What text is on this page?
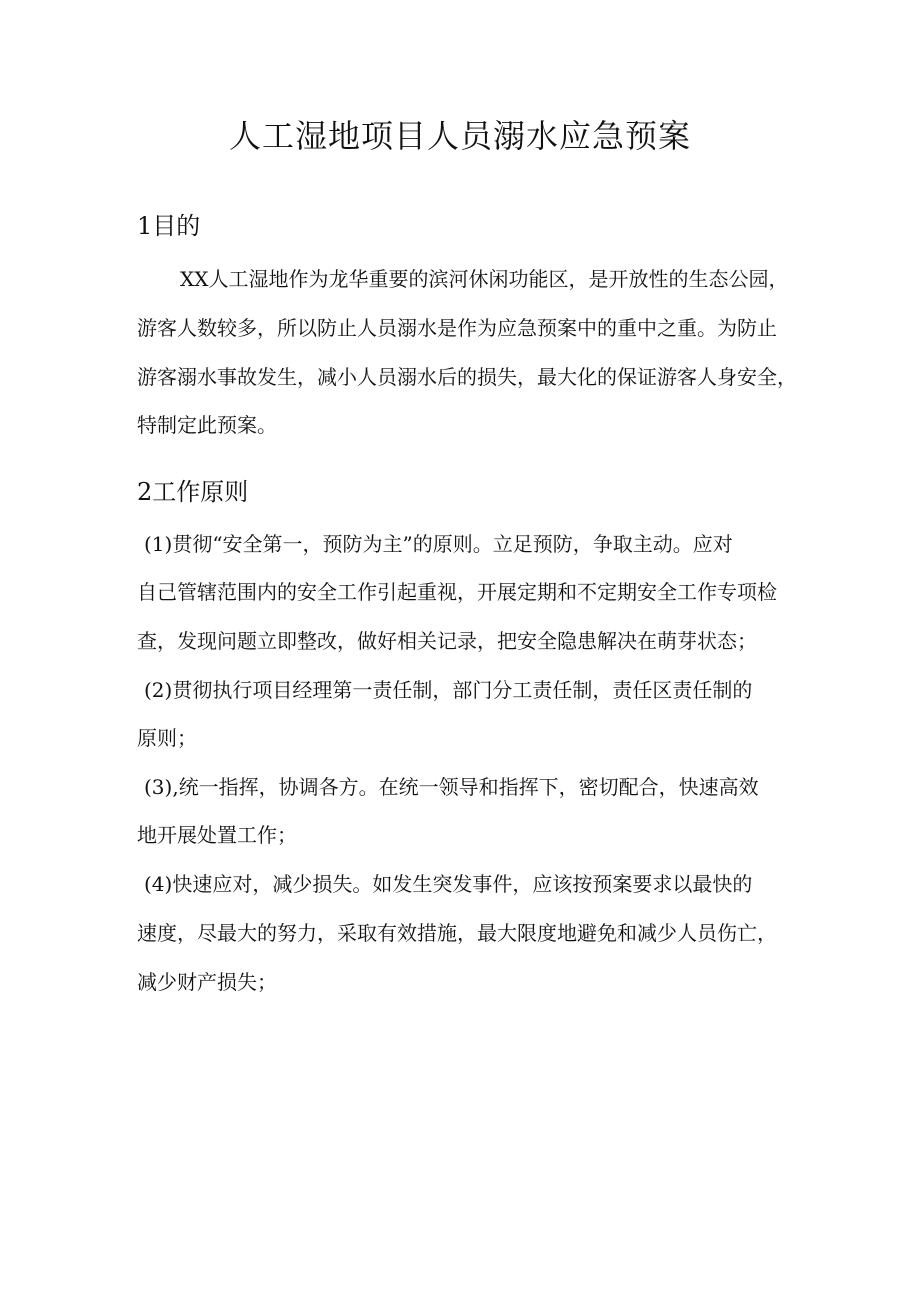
人工湿地项目人员溺水应急预案
1目的
XX人工湿地作为龙华重要的滨河休闲功能区，是开放性的生态公园，
游客人数较多，所以防止人员溺水是作为应急预案中的重中之重。为防止
游客溺水事故发生，减小人员溺水后的损失，最大化的保证游客人身安全，
特制定此预案。
2工作原则
(1)贯彻“安全第一，预防为主”的原则。立足预防，争取主动。应对
自己管辖范围内的安全工作引起重视，开展定期和不定期安全工作专项检
查，发现问题立即整改，做好相关记录，把安全隐患解决在萌芽状态；
(2)贯彻执行项目经理第一责任制，部门分工责任制，责任区责任制的
原则；
(3),统一指挥，协调各方。在统一领导和指挥下，密切配合，快速高效
地开展处置工作；
(4)快速应对，减少损失。如发生突发事件，应该按预案要求以最快的
速度，尽最大的努力，采取有效措施，最大限度地避免和减少人员伤亡，
减少财产损失；
